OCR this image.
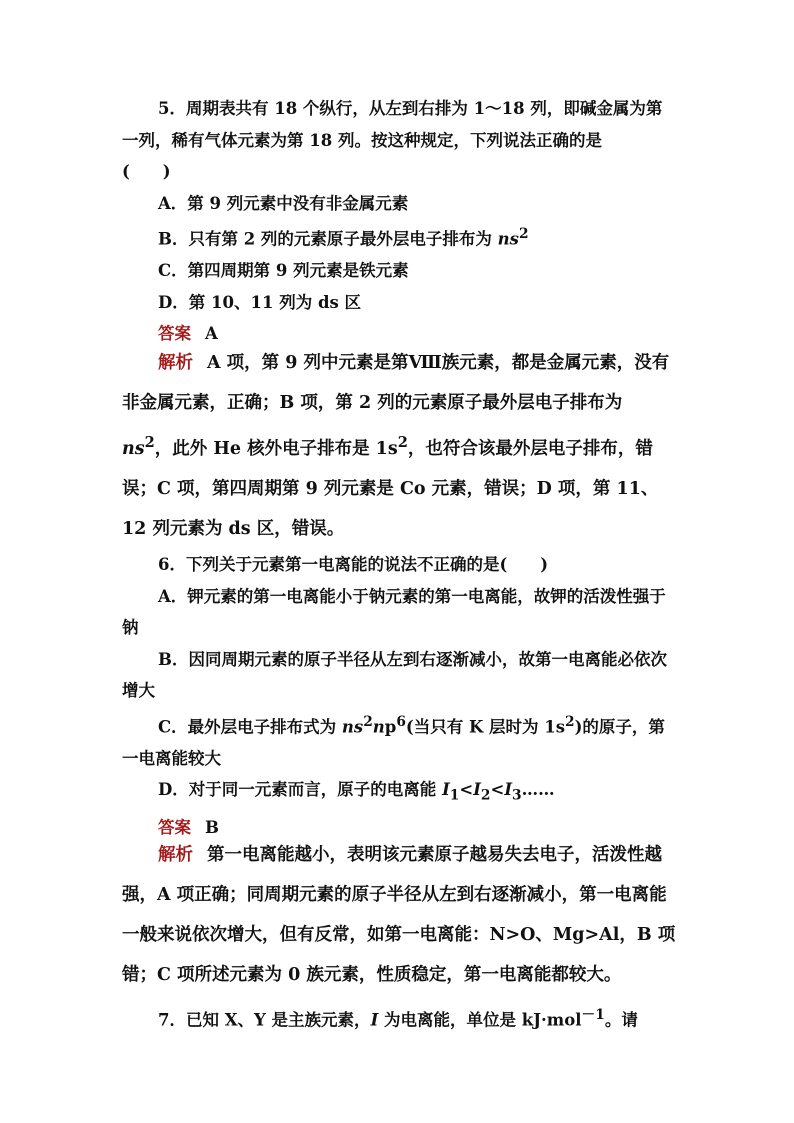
5．周期表共有 18 个纵行，从左到右排为 1～18 列，即碱金属为第一列，稀有气体元素为第 18 列。按这种规定，下列说法正确的是
(　　)

A．第 9 列元素中没有非金属元素

B．只有第 2 列的元素原子最外层电子排布为 $ns^2$

C．第四周期第 9 列元素是铁元素

D．第 10、11 列为 ds 区

答案 A

解析 A 项，第 9 列中元素是第Ⅷ族元素，都是金属元素，没有非金属元素，正确；B 项，第 2 列的元素原子最外层电子排布为 $ns^2$，此外 He 核外电子排布是 $1s^2$，也符合该最外层电子排布，错误；C 项，第四周期第 9 列元素是 Co 元素，错误；D 项，第 11、12 列元素为 ds 区，错误。

6．下列关于元素第一电离能的说法不正确的是(　　)

A．钾元素的第一电离能小于钠元素的第一电离能，故钾的活泼性强于钠

B．因同周期元素的原子半径从左到右逐渐减小，故第一电离能必依次增大

C．最外层电子排布式为 $ns^2np^6$(当只有 K 层时为 $1s^2$)的原子，第一电离能较大

D．对于同一元素而言，原子的电离能 $I_1<I_2<I_3\dots\dots$

答案 B

解析 第一电离能越小，表明该元素原子越易失去电子，活泼性越强，A 项正确；同周期元素的原子半径从左到右逐渐减小，第一电离能一般来说依次增大，但有反常，如第一电离能：N>O、Mg>Al，B 项错；C 项所述元素为 0 族元素，性质稳定，第一电离能都较大。

7．已知 X、Y 是主族元素，I 为电离能，单位是 kJ·mol$^{-1}$。请
